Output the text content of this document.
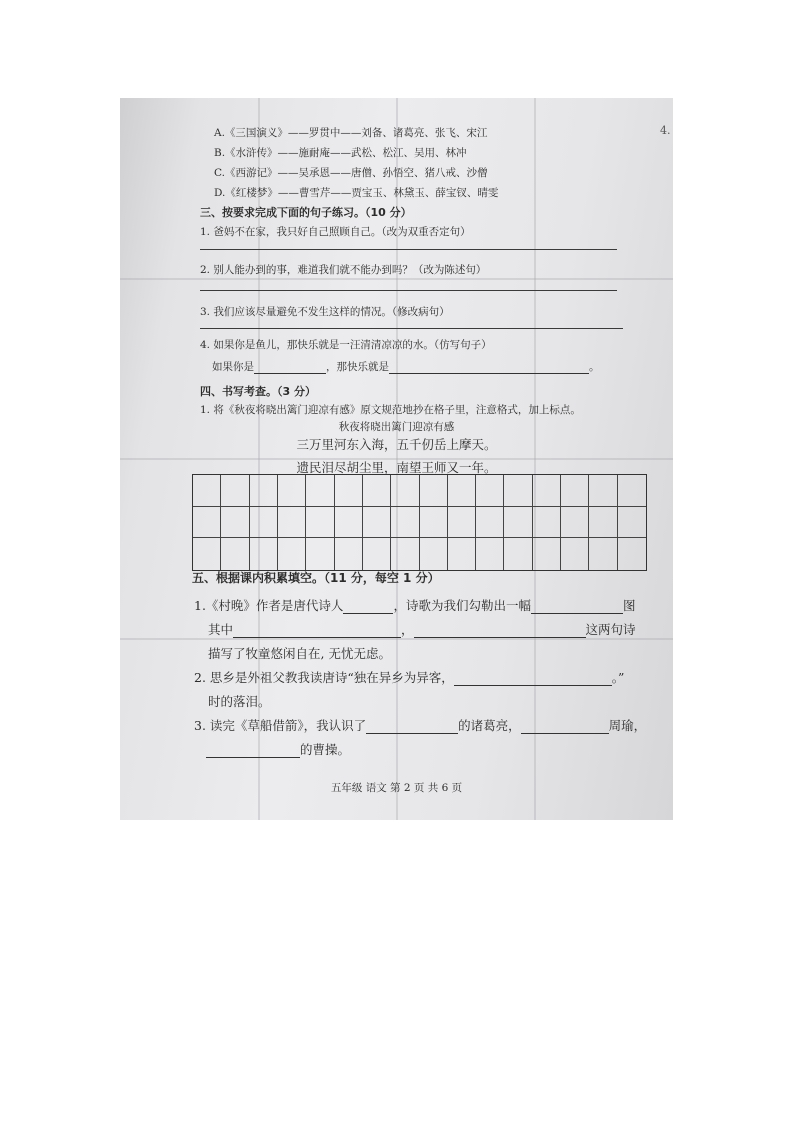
4.
A.《三国演义》——罗贯中——刘备、诸葛亮、张飞、宋江
B.《水浒传》——施耐庵——武松、松江、吴用、林冲
C.《西游记》——吴承恩——唐僧、孙悟空、猪八戒、沙僧
D.《红楼梦》——曹雪芹——贾宝玉、林黛玉、薛宝钗、晴雯
三、按要求完成下面的句子练习。（10 分）
1. 爸妈不在家，我只好自己照顾自己。（改为双重否定句）
2. 别人能办到的事，难道我们就不能办到吗？（改为陈述句）
3. 我们应该尽量避免不发生这样的情况。（修改病句）
4. 如果你是鱼儿，那快乐就是一汪清清凉凉的水。（仿写句子）
如果你是	，那快乐就是	。
四、书写考查。（3 分）
1. 将《秋夜将晓出篱门迎凉有感》原文规范地抄在格子里，注意格式，加上标点。
秋夜将晓出篱门迎凉有感
三万里河东入海，五千仞岳上摩天。
遗民泪尽胡尘里，南望王师又一年。
五、根据课内积累填空。（11 分，每空 1 分）
1.《村晚》作者是唐代诗人	，诗歌为我们勾勒出一幅	图
其中	，	这两句诗
描写了牧童悠闲自在, 无忧无虑。
2. 思乡是外祖父教我读唐诗“独在异乡为异客，	。”
时的落泪。
3. 读完《草船借箭》，我认识了	的诸葛亮，	周瑜，
的曹操。
五年级 语文 第 2 页 共 6 页
